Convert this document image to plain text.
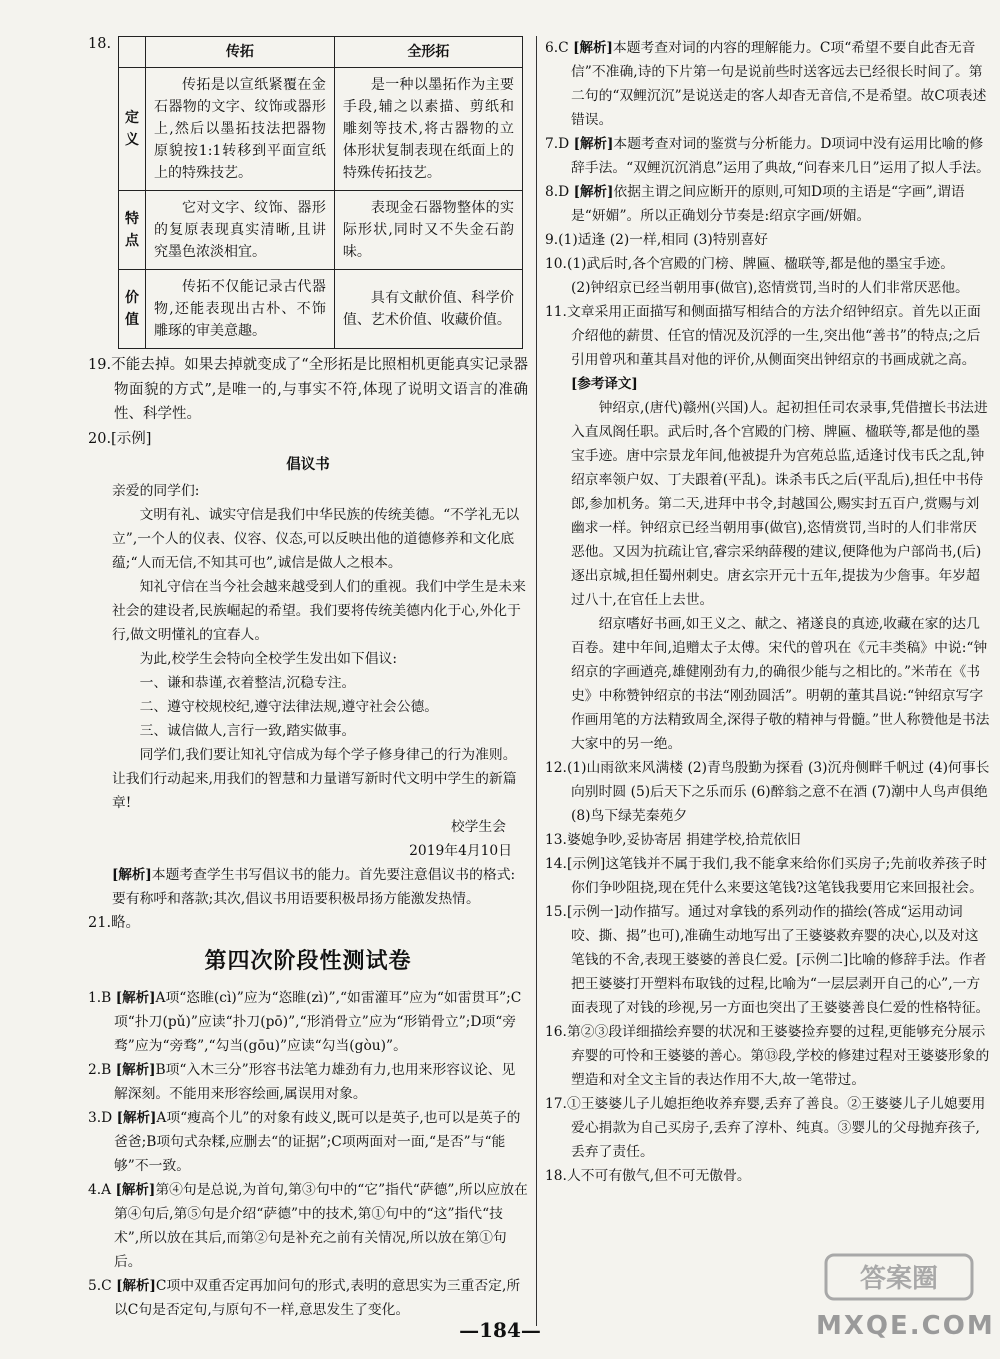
18.
		传拓	全形拓
定义	传拓是以宣纸紧覆在金石器物的文字、纹饰或器形上,然后以墨拓技法把器物原貌按1:1转移到平面宣纸上的特殊技艺。	是一种以墨拓作为主要手段,辅之以素描、剪纸和雕刻等技术,将古器物的立体形状复制表现在纸面上的特殊传拓技艺。
特点	它对文字、纹饰、器形的复原表现真实清晰,且讲究墨色浓淡相宜。	表现金石器物整体的实际形状,同时又不失金石韵味。
价值	传拓不仅能记录古代器物,还能表现出古朴、不饰雕琢的审美意趣。	具有文献价值、科学价值、艺术价值、收藏价值。

19.不能去掉。如果去掉就变成了“全形拓是比照相机更能真实记录器物面貌的方式”,是唯一的,与事实不符,体现了说明文语言的准确性、科学性。

20.[示例]

倡议书

亲爱的同学们:

文明有礼、诚实守信是我们中华民族的传统美德。“不学礼无以立”,一个人的仪表、仪容、仪态,可以反映出他的道德修养和文化底蕴;“人而无信,不知其可也”,诚信是做人之根本。

知礼守信在当今社会越来越受到人们的重视。我们中学生是未来社会的建设者,民族崛起的希望。我们要将传统美德内化于心,外化于行,做文明懂礼的宜春人。

为此,校学生会特向全校学生发出如下倡议:

一、谦和恭谨,衣着整洁,沉稳专注。

二、遵守校规校纪,遵守法律法规,遵守社会公德。

三、诚信做人,言行一致,踏实做事。

同学们,我们要让知礼守信成为每个学子修身律己的行为准则。让我们行动起来,用我们的智慧和力量谱写新时代文明中学生的新篇章!

校学生会

2019年4月10日

[解析]本题考查学生书写倡议书的能力。首先要注意倡议书的格式:要有称呼和落款;其次,倡议书用语要积极昂扬方能激发热情。

21.略。

第四次阶段性测试卷

1.B [解析]A项“恣睢(cì)”应为“恣睢(zì)”,“如雷灌耳”应为“如雷贯耳”;C项“扑刀(pǔ)”应读“扑刀(pō)”,“形消骨立”应为“形销骨立”;D项“旁骛”应为“旁骛”,“勾当(gōu)”应读“勾当(gòu)”。

2.B [解析]B项“入木三分”形容书法笔力雄劲有力,也用来形容议论、见解深刻。不能用来形容绘画,属误用对象。

3.D [解析]A项“瘦高个儿”的对象有歧义,既可以是英子,也可以是英子的爸爸;B项句式杂糅,应删去“的证据”;C项两面对一面,“是否”与“能够”不一致。

4.A [解析]第④句是总说,为首句,第③句中的“它”指代“萨德”,所以应放在第④句后,第⑤句是介绍“萨德”中的技术,第①句中的“这”指代“技术”,所以放在其后,而第②句是补充之前有关情况,所以放在第①句后。

5.C [解析]C项中双重否定再加问句的形式,表明的意思实为三重否定,所以C句是否定句,与原句不一样,意思发生了变化。

6.C [解析]本题考查对词的内容的理解能力。C项“希望不要自此杳无音信”不准确,诗的下片第一句是说前些时送客远去已经很长时间了。第二句的“双鲤沉沉”是说送走的客人却杳无音信,不是希望。故C项表述错误。

7.D [解析]本题考查对词的鉴赏与分析能力。D项词中没有运用比喻的修辞手法。“双鲤沉沉消息”运用了典故,“问春来几日”运用了拟人手法。

8.D [解析]依据主谓之间应断开的原则,可知D项的主语是“字画”,谓语是“妍媚”。所以正确划分节奏是:绍京字画/妍媚。

9.(1)适逢 (2)一样,相同 (3)特别喜好

10.(1)武后时,各个宫殿的门榜、牌匾、楹联等,都是他的墨宝手迹。

(2)钟绍京已经当朝用事(做官),恣情赏罚,当时的人们非常厌恶他。

11.文章采用正面描写和侧面描写相结合的方法介绍钟绍京。首先以正面介绍他的薪贯、任官的情况及沉浮的一生,突出他“善书”的特点;之后引用曾巩和董其昌对他的评价,从侧面突出钟绍京的书画成就之高。

[参考译文]

钟绍京,(唐代)赣州(兴国)人。起初担任司农录事,凭借擅长书法进入直凤阁任职。武后时,各个宫殿的门榜、牌匾、楹联等,都是他的墨宝手迹。唐中宗景龙年间,他被提升为宫苑总监,适逢讨伐韦氏之乱,钟绍京率领户奴、丁夫跟着(平乱)。诛杀韦氏之后(平乱后),担任中书侍郎,参加机务。第二天,进拜中书令,封越国公,赐实封五百户,赏赐与刘幽求一样。钟绍京已经当朝用事(做官),恣情赏罚,当时的人们非常厌恶他。又因为抗疏让官,睿宗采纳薛稷的建议,便降他为户部尚书,(后)逐出京城,担任蜀州刺史。唐玄宗开元十五年,提拔为少詹事。年岁超过八十,在官任上去世。

绍京嗜好书画,如王义之、献之、褚遂良的真迹,收藏在家的达几百卷。建中年间,追赠太子太傅。宋代的曾巩在《元丰类稿》中说:“钟绍京的字画遒亮,雄健刚劲有力,的确很少能与之相比的。”米芾在《书史》中称赞钟绍京的书法“刚劲圆活”。明朝的董其昌说:“钟绍京写字作画用笔的方法精致周全,深得子敬的精神与骨髓。”世人称赞他是书法大家中的另一绝。

12.(1)山雨欲来风满楼 (2)青鸟殷勤为探看 (3)沉舟侧畔千帆过 (4)何事长向别时圆 (5)后天下之乐而乐 (6)醉翁之意不在酒 (7)潮中人鸟声俱绝 (8)鸟下绿芜秦苑夕

13.婆媳争吵,妥协寄居 捐建学校,拾荒依旧

14.[示例]这笔钱并不属于我们,我不能拿来给你们买房子;先前收养孩子时你们争吵阻挠,现在凭什么来要这笔钱?这笔钱我要用它来回报社会。

15.[示例一]动作描写。通过对拿钱的系列动作的描绘(答成“运用动词咬、撕、揭”也可),准确生动地写出了王婆婆救弃婴的决心,以及对这笔钱的不舍,表现王婆婆的善良仁爱。[示例二]比喻的修辞手法。作者把王婆婆打开塑料布取钱的过程,比喻为“一层层剥开自己的心”,一方面表现了对钱的珍视,另一方面也突出了王婆婆善良仁爱的性格特征。

16.第②③段详细描绘弃婴的状况和王婆婆捡弃婴的过程,更能够充分展示弃婴的可怜和王婆婆的善心。第⑬段,学校的修建过程对王婆婆形象的塑造和对全文主旨的表达作用不大,故一笔带过。

17.①王婆婆儿子儿媳拒绝收养弃婴,丢弃了善良。②王婆婆儿子儿媳要用爱心捐款为自己买房子,丢弃了淳朴、纯真。③婴儿的父母抛弃孩子,丢弃了责任。

18.人不可有傲气,但不可无傲骨。

—184—
答案圈
MXQE.COM
